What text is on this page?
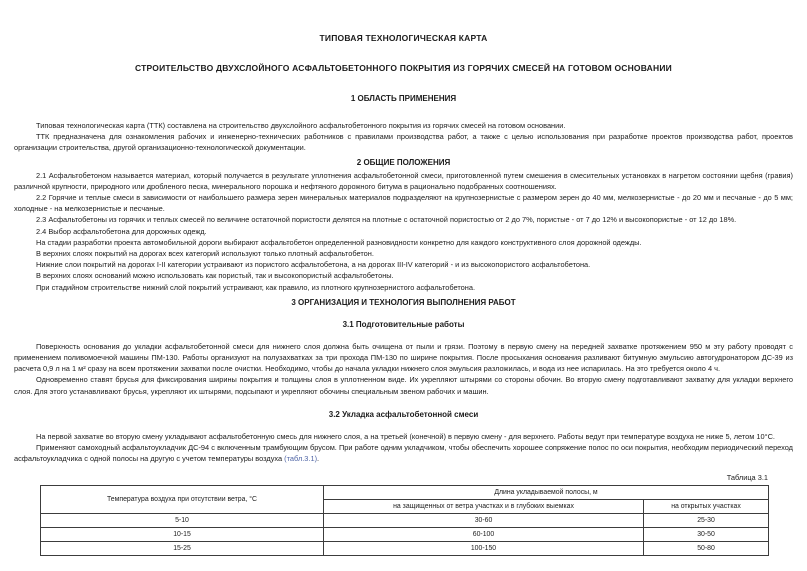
ТИПОВАЯ ТЕХНОЛОГИЧЕСКАЯ КАРТА
СТРОИТЕЛЬСТВО ДВУХСЛОЙНОГО АСФАЛЬТОБЕТОННОГО ПОКРЫТИЯ ИЗ ГОРЯЧИХ СМЕСЕЙ НА ГОТОВОМ ОСНОВАНИИ
1 ОБЛАСТЬ ПРИМЕНЕНИЯ

Типовая технологическая карта (ТТК) составлена на строительство двухслойного асфальтобетонного покрытия из горячих смесей на готовом основании.

ТТК предназначена для ознакомления рабочих и инженерно-технических работников с правилами производства работ, а также с целью использования при разработке проектов производства работ, проектов организации строительства, другой организационно-технологической документации.

2 ОБЩИЕ ПОЛОЖЕНИЯ

2.1 Асфальтобетоном называется материал, который получается в результате уплотнения асфальтобетонной смеси, приготовленной путем смешения в смесительных установках в нагретом состоянии щебня (гравия) различной крупности, природного или дробленого песка, минерального порошка и нефтяного дорожного битума в рационально подобранных соотношениях.

2.2 Горячие и теплые смеси в зависимости от наибольшего размера зерен минеральных материалов подразделяют на крупнозернистые с размером зерен до 40 мм, мелкозернистые - до 20 мм и песчаные - до 5 мм; холодные - на мелкозернистые и песчаные.

2.3 Асфальтобетоны из горячих и теплых смесей по величине остаточной пористости делятся на плотные с остаточной пористостью от 2 до 7%, пористые - от 7 до 12% и высокопористые - от 12 до 18%.

2.4 Выбор асфальтобетона для дорожных одежд.

На стадии разработки проекта автомобильной дороги выбирают асфальтобетон определенной разновидности конкретно для каждого конструктивного слоя дорожной одежды.

В верхних слоях покрытий на дорогах всех категорий используют только плотный асфальтобетон.

Нижние слои покрытий на дорогах I-II категории устраивают из пористого асфальтобетона, а на дорогах III-IV категорий - и из высокопористого асфальтобетона.

В верхних слоях оснований можно использовать как пористый, так и высокопористый асфальтобетоны.

При стадийном строительстве нижний слой покрытий устраивают, как правило, из плотного крупнозернистого асфальтобетона.

3 ОРГАНИЗАЦИЯ И ТЕХНОЛОГИЯ ВЫПОЛНЕНИЯ РАБОТ
3.1 Подготовительные работы

Поверхность основания до укладки асфальтобетонной смеси для нижнего слоя должна быть очищена от пыли и грязи. Поэтому в первую смену на передней захватке протяжением 950 м эту работу проводят с применением поливомоечной машины ПМ-130. Работы организуют на полузахватках за три прохода ПМ-130 по ширине покрытия. После просыхания основания разливают битумную эмульсию автогудронатором ДС-39 из расчета 0,9 л на 1 м² сразу на всем протяжении захватки после очистки. Необходимо, чтобы до начала укладки нижнего слоя эмульсия разложилась, и вода из нее испарилась. На это требуется около 4 ч.

Одновременно ставят брусья для фиксирования ширины покрытия и толщины слоя в уплотненном виде. Их укрепляют штырями со стороны обочин. Во вторую смену подготавливают захватку для укладки верхнего слоя. Для этого устанавливают брусья, укрепляют их штырями, подсыпают и укрепляют обочины специальным звеном рабочих и машин.

3.2 Укладка асфальтобетонной смеси

На первой захватке во вторую смену укладывают асфальтобетонную смесь для нижнего слоя, а на третьей (конечной) в первую смену - для верхнего. Работы ведут при температуре воздуха не ниже 5, летом 10°С.

Применяют самоходный асфальтоукладчик ДС-94 с включенным трамбующим брусом. При работе одним укладчиком, чтобы обеспечить хорошее сопряжение полос по оси покрытия, необходим периодический переход асфальтоукладчика с одной полосы на другую с учетом температуры воздуха (табл.3.1).

Таблица 3.1
Температура воздуха при отсутствии ветра, °С	Длина укладываемой полосы, м	
	на защищенных от ветра участках и в глубоких выемках	на открытых участках
5-10	30-60	25-30
10-15	60-100	30-50
15-25	100-150	50-80
